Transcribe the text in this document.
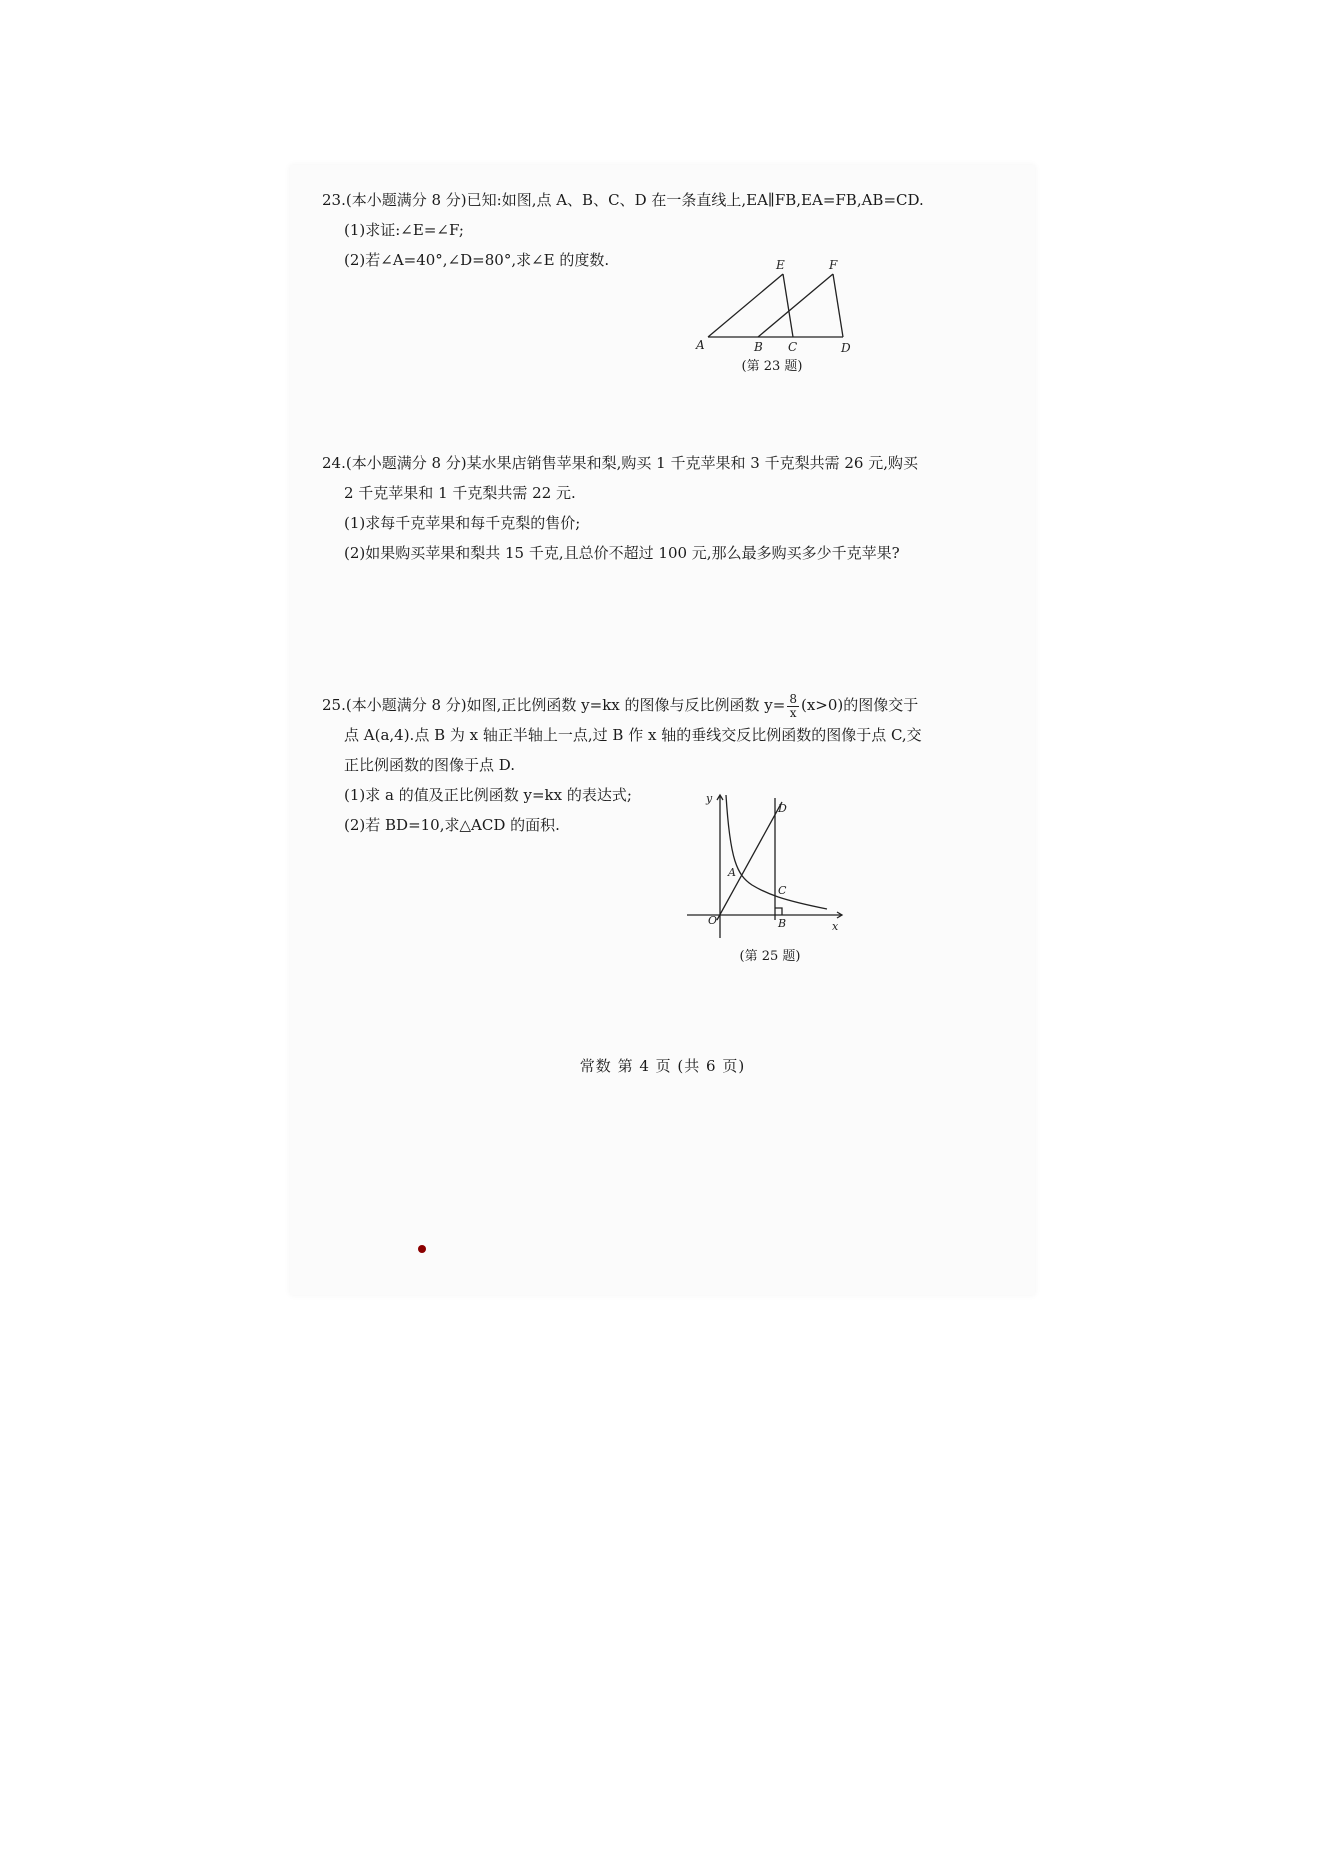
23.(本小题满分 8 分)已知:如图,点 A、B、C、D 在一条直线上,EA∥FB,EA=FB,AB=CD.

(1)求证:∠E=∠F;

(2)若∠A=40°,∠D=80°,求∠E 的度数.

A	B C	D
E	F
(第 23 题)

24.(本小题满分 8 分)某水果店销售苹果和梨,购买 1 千克苹果和 3 千克梨共需 26 元,购买

2 千克苹果和 1 千克梨共需 22 元.

(1)求每千克苹果和每千克梨的售价;

(2)如果购买苹果和梨共 15 千克,且总价不超过 100 元,那么最多购买多少千克苹果?

25.(本小题满分 8 分)如图,正比例函数 y=kx 的图像与反比例函数 $y= \frac{8}{x} (x>0)$的图像交于

点 A(a,4).点 B 为 x 轴正半轴上一点,过 B 作 x 轴的垂线交反比例函数的图像于点 C,交

正比例函数的图像于点 D.

(1)求 a 的值及正比例函数 y=kx 的表达式;

(2)若 BD=10,求△ACD 的面积.

y
x
O
A
B
C
D
(第 25 题)
常数 第 4 页 (共 6 页)
